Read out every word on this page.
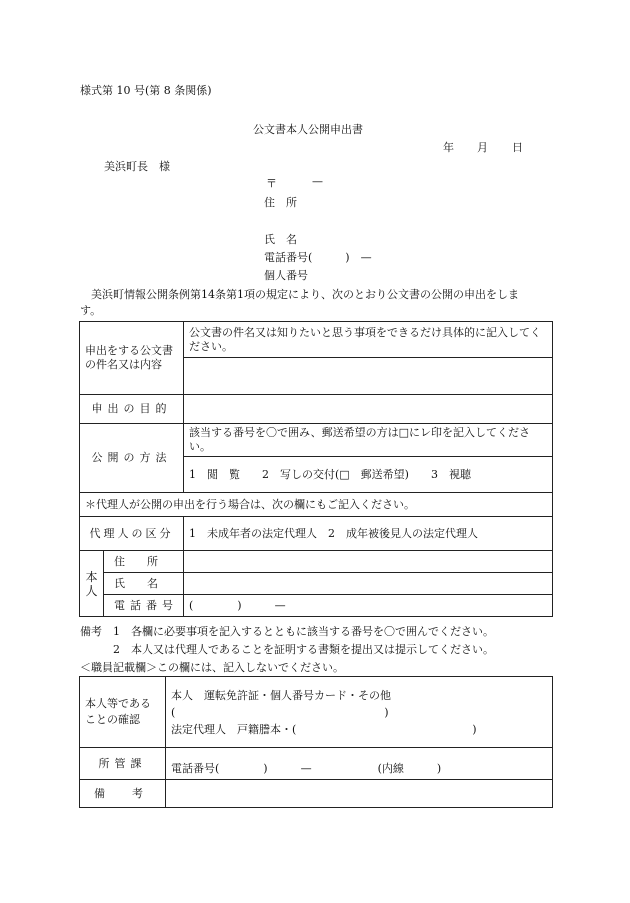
様式第 10 号(第 8 条関係)
公文書本人公開申出書
年 月 日
美浜町長　様
〒	—
住　所
氏　名
電話番号(　　　)　—
個人番号
　美浜町情報公開条例第14条第1項の規定により、次のとおり公文書の公開の申出をしま
す。
申出をする公文書の件名又は内容		公文書の件名又は知りたいと思う事項をできるだけ具体的に記入してください。

申出の目的		
公開の方法		該当する番号を〇で囲み、郵送希望の方は□にレ印を記入してください。
		1　閲　覧　　2　写しの交付(□　郵送希望)　　3　視聴
＊代理人が公開の申出を行う場合は、次の欄にもご記入ください。		
代理人の区分		1　未成年者の法定代理人　2　成年被後見人の法定代理人
本人	住　　所	
	氏　　名	
	電話番号	(　　　　)　　　—
備考　1　各欄に必要事項を記入するとともに該当する番号を〇で囲んでください。
　　　2　本人又は代理人であることを証明する書類を提出又は提示してください。
＜職員記載欄＞この欄には、記入しないでください。
本人等であることの確認	本人　運転免許証・個人番号カード・その他(　　　　　　　　　　　　　　　　　　　)
法定代理人　戸籍謄本・(　　　　　　　　　　　　　　　　)

所管課	電話番号(　　　　)　　　—　　　　　　(内線　　　)
備　考	
